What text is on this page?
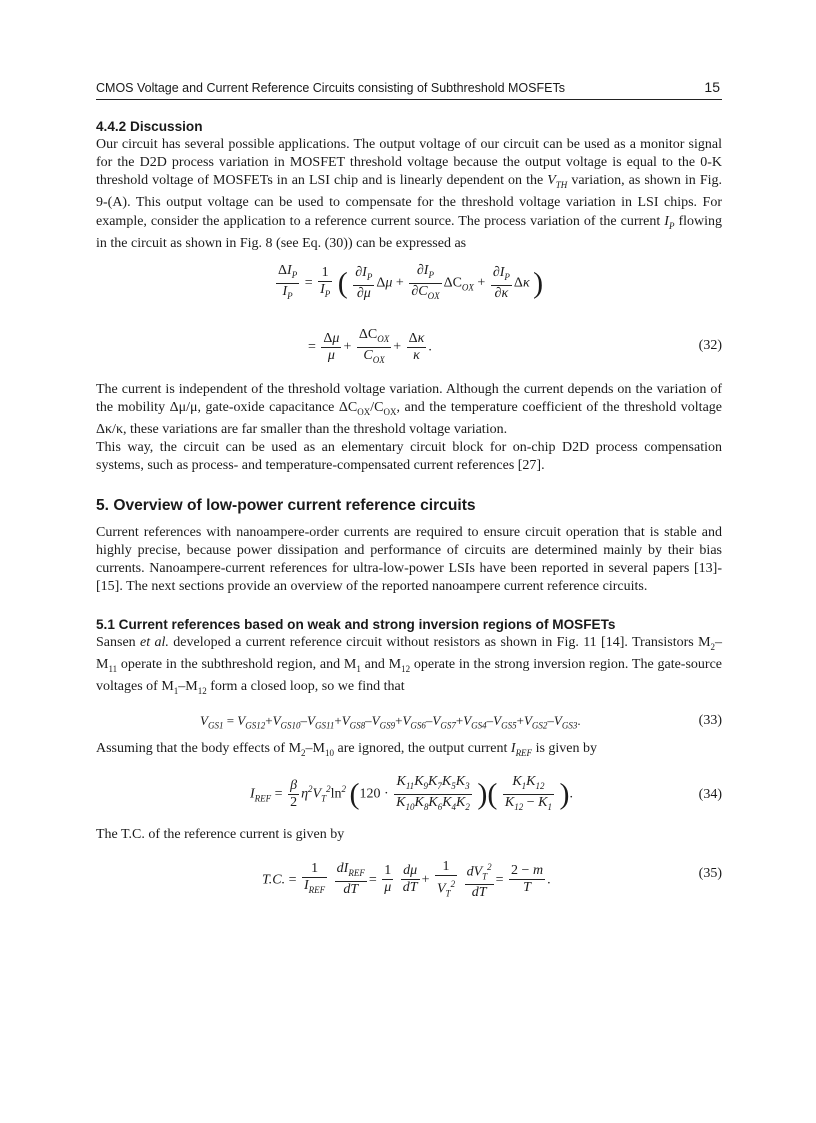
CMOS Voltage and Current Reference Circuits consisting of Subthreshold MOSFETs	15
4.4.2 Discussion

Our circuit has several possible applications. The output voltage of our circuit can be used as a monitor signal for the D2D process variation in MOSFET threshold voltage because the output voltage is equal to the 0-K threshold voltage of MOSFETs in an LSI chip and is linearly dependent on the $V_{TH}$ variation, as shown in Fig. 9-(A). This output voltage can be used to compensate for the threshold voltage variation in LSI chips. For example, consider the application to a reference current source. The process variation of the current $I_P$ flowing in the circuit as shown in Fig. 8 (see Eq. (30)) can be expressed as

$\Delta I_P$
$I_P$
= $\frac{1}{I_P}$ ( $\frac{\partial I_P}{\partial\mu}$ Δμ +
$\partial I_P$
$\partial C_{OX}$
$\Delta C_{OX} + \frac{\partial I_P}{\partial\kappa}$ Δκ )
= $\frac{\Delta\mu}{\mu}$ +
$\Delta C_{OX}$
$C_{OX}$
+ $\frac{\Delta\kappa}{\kappa}$ .	(32)

The current is independent of the threshold voltage variation. Although the current depends on the variation of the mobility Δμ/μ, gate-oxide capacitance $\Delta C_{OX}/C_{OX}$, and the temperature coefficient of the threshold voltage Δκ/κ, these variations are far smaller than the threshold voltage variation.

This way, the circuit can be used as an elementary circuit block for on-chip D2D process compensation systems, such as process- and temperature-compensated current references [27].

5. Overview of low-power current reference circuits

Current references with nanoampere-order currents are required to ensure circuit operation that is stable and highly precise, because power dissipation and performance of circuits are determined mainly by their bias currents. Nanoampere-current references for ultra-low-power LSIs have been reported in several papers [13]-[15]. The next sections provide an overview of the reported nanoampere current reference circuits.

5.1 Current references based on weak and strong inversion regions of MOSFETs

Sansen et al. developed a current reference circuit without resistors as shown in Fig. 11 [14]. Transistors $M_2-M_{11}$ operate in the subthreshold region, and $M_1$ and $M_{12}$ operate in the strong inversion region. The gate-source voltages of $M_1-M_{12}$ form a closed loop, so we find that

$V_{GS1} = V_{GS12}+V_{GS10}-V_{GS11}+V_{GS8}-V_{GS9}+V_{GS6}-V_{GS7}+V_{GS4}-V_{GS5}+V_{GS2}-V_{GS3}$.	(33)

Assuming that the body effects of $M_2-M_{10}$ are ignored, the output current $I_{REF}$ is given by

$I_{REF} = \frac{\beta}{2} \eta^2V_T^2\ln^2$ ($120 \cdot \frac{K_{11}K_9K_7K_5K_3}{K_{10}K_8K_6K_4K_2}$ )( $\frac{K_1K_{12}}{K_{12} - K_1}$ ).	(34)

The T.C. of the reference current is given by

T.C. =
1
$I_{REF}$

$dI_{REF}$
dT
= $\frac{1}{\mu}$
$\frac{d\mu}{dT} + \frac{1}{V_T^2}$
$dV_T^2$
dT
= $\frac{2 - m}{T}$ .	(35)
